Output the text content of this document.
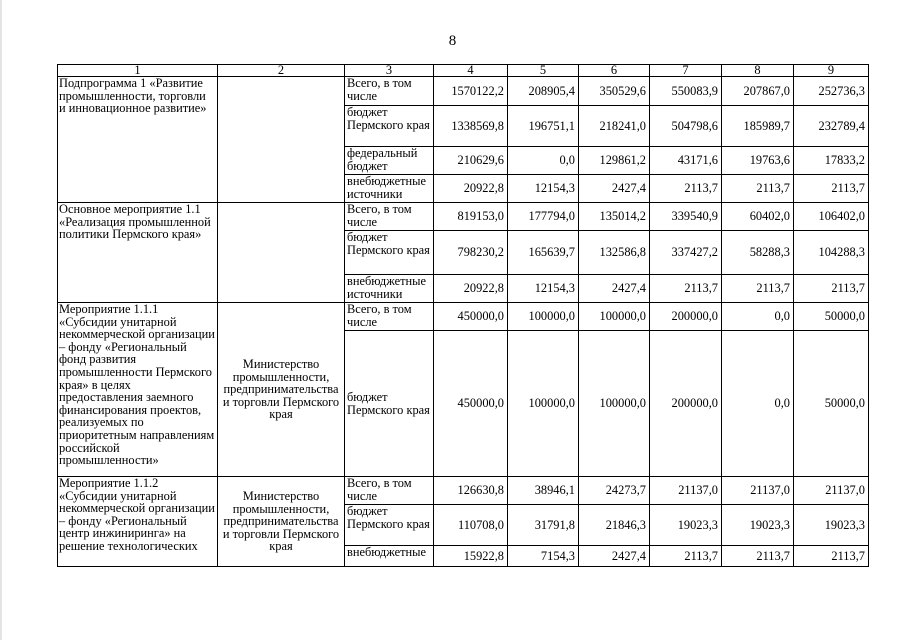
8
1	2	3	4	5	6	7	8	9
Подпрограмма 1 «Развитие промышленности, торговли и инновационное развитие»		Всего, в том числе	1570122,2	208905,4	350529,6	550083,9	207867,0	252736,3
		бюджет Пермского края	1338569,8	196751,1	218241,0	504798,6	185989,7	232789,4
		федеральный бюджет	210629,6	0,0	129861,2	43171,6	19763,6	17833,2
		внебюджетные источники	20922,8	12154,3	2427,4	2113,7	2113,7	2113,7
Основное мероприятие 1.1 «Реализация промышленной политики Пермского края»		Всего, в том числе	819153,0	177794,0	135014,2	339540,9	60402,0	106402,0
		бюджет Пермского края	798230,2	165639,7	132586,8	337427,2	58288,3	104288,3
		внебюджетные источники	20922,8	12154,3	2427,4	2113,7	2113,7	2113,7
Мероприятие 1.1.1 «Субсидии унитарной некоммерческой организации – фонду «Региональный фонд развития промышленности Пермского края» в целях предоставления заемного финансирования проектов, реализуемых по приоритетным направлениям российской промышленности»	Министерство промышленности, предпринимательства и торговли Пермского края	Всего, в том числе	450000,0	100000,0	100000,0	200000,0	0,0	50000,0
		бюджет Пермского края	450000,0	100000,0	100000,0	200000,0	0,0	50000,0
Мероприятие 1.1.2 «Субсидии унитарной некоммерческой организации – фонду «Региональный центр инжиниринга» на решение технологических	Министерство промышленности, предпринимательства и торговли Пермского края	Всего, в том числе	126630,8	38946,1	24273,7	21137,0	21137,0	21137,0
		бюджет Пермского края	110708,0	31791,8	21846,3	19023,3	19023,3	19023,3
		внебюджетные	15922,8	7154,3	2427,4	2113,7	2113,7	2113,7
